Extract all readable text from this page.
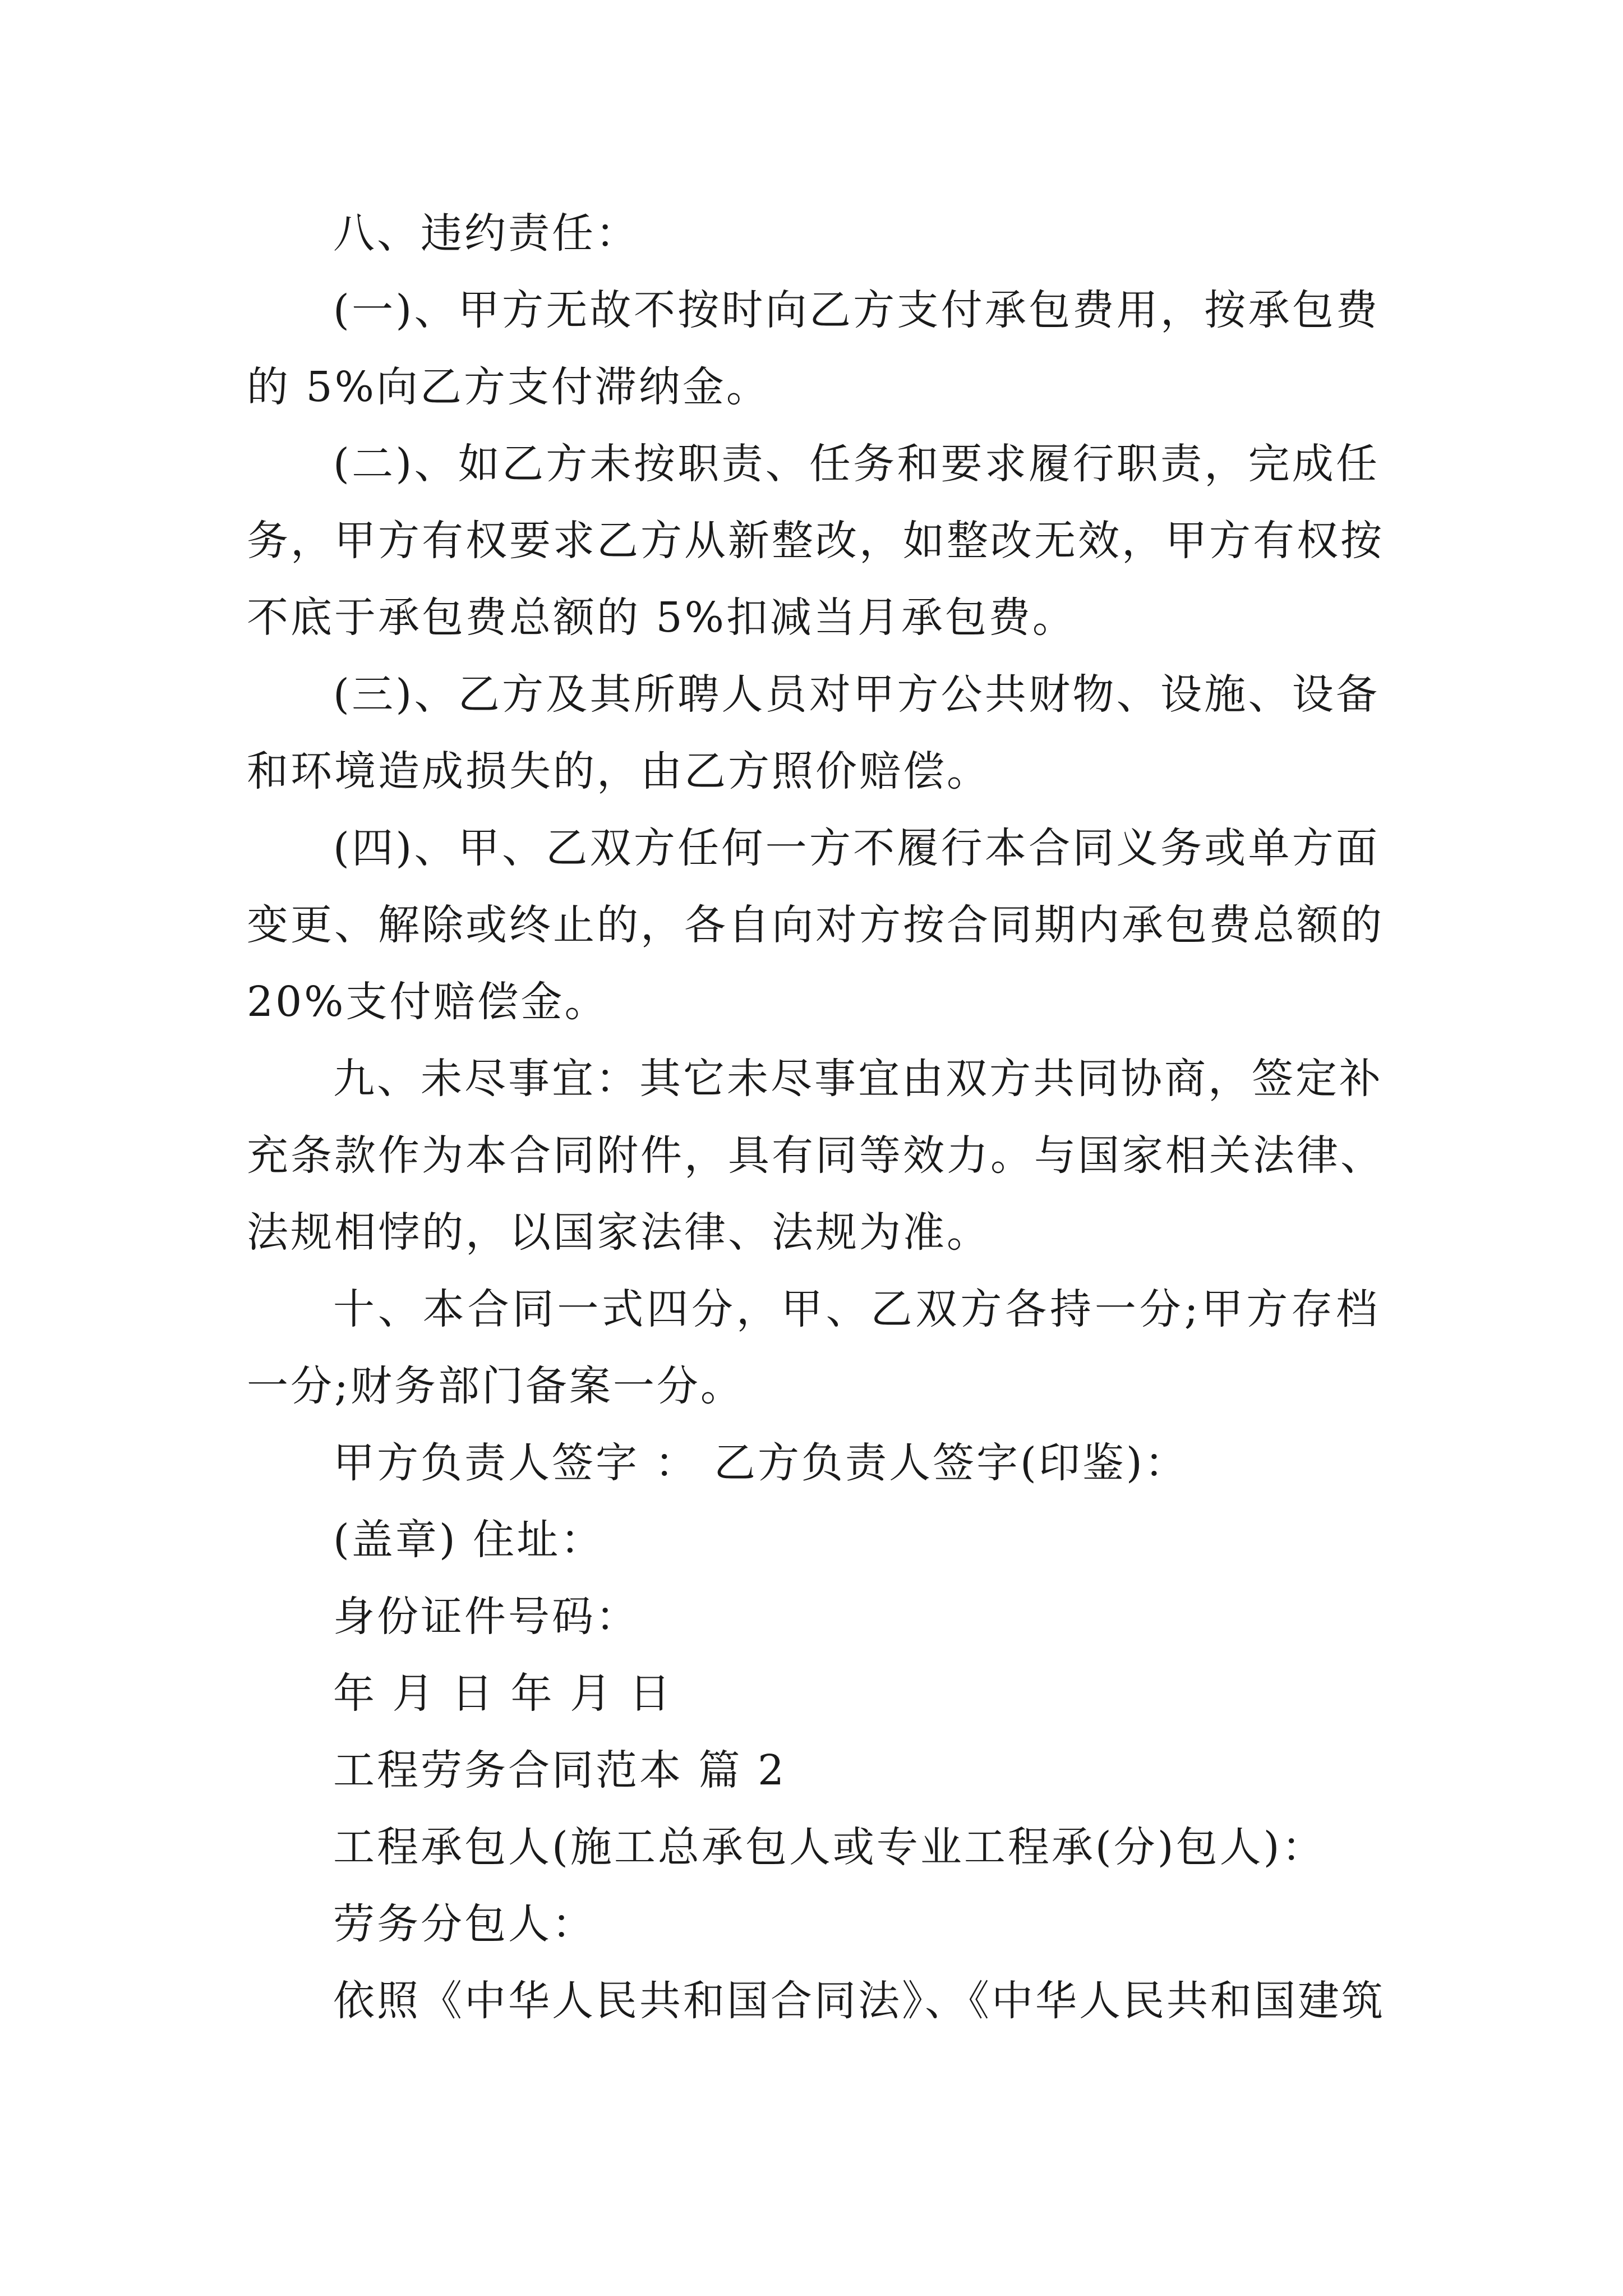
八、违约责任：
(一)、甲方无故不按时向乙方支付承包费用，按承包费
的 5%向乙方支付滞纳金。
(二)、如乙方未按职责、任务和要求履行职责，完成任
务，甲方有权要求乙方从新整改，如整改无效，甲方有权按
不底于承包费总额的 5%扣减当月承包费。
(三)、乙方及其所聘人员对甲方公共财物、设施、设备
和环境造成损失的，由乙方照价赔偿。
(四)、甲、乙双方任何一方不履行本合同义务或单方面
变更、解除或终止的，各自向对方按合同期内承包费总额的
20%支付赔偿金。
九、未尽事宜：其它未尽事宜由双方共同协商，签定补
充条款作为本合同附件，具有同等效力。与国家相关法律、
法规相悖的，以国家法律、法规为准。
十、本合同一式四分，甲、乙双方各持一分;甲方存档
一分;财务部门备案一分。
甲方负责人签字 ： 乙方负责人签字(印鉴)：
(盖章) 住址：
身份证件号码：
年 月 日 年 月 日
工程劳务合同范本 篇 2
工程承包人(施工总承包人或专业工程承(分)包人)：
劳务分包人：
依照《中华人民共和国合同法》、《中华人民共和国建筑
